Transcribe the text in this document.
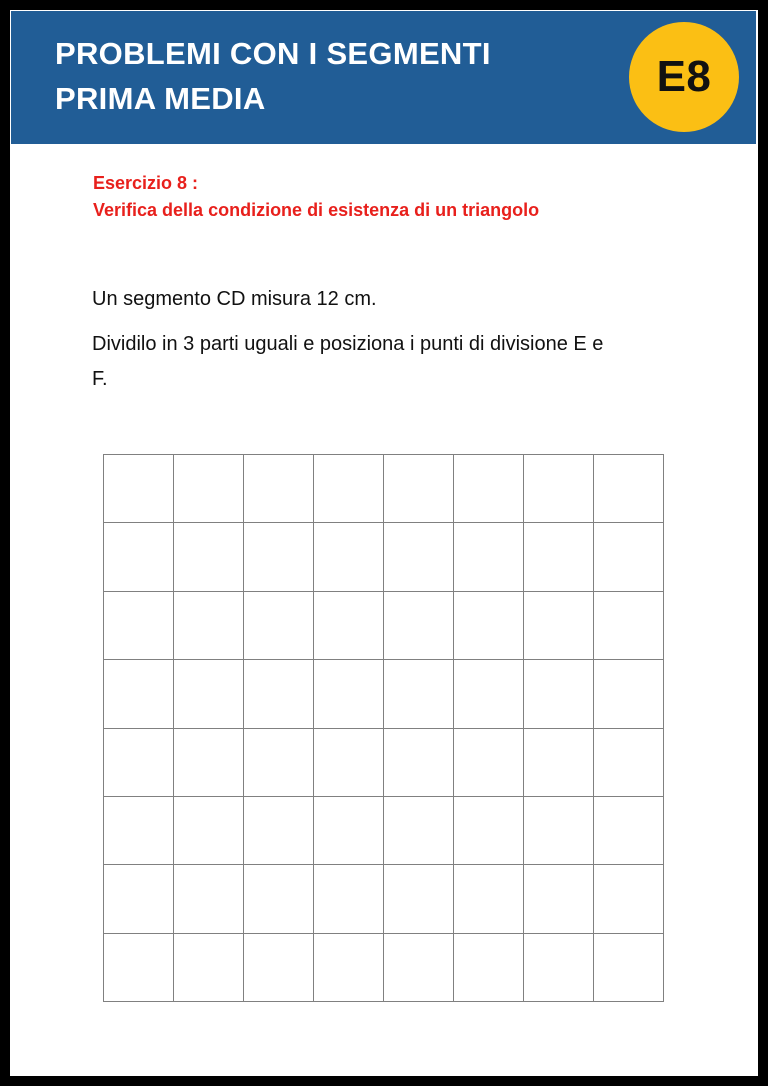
PROBLEMI CON I SEGMENTI
PRIMA MEDIA	E8
Esercizio 8 :
Verifica della condizione di esistenza di un triangolo

Un segmento CD misura 12 cm.

Dividilo in 3 parti uguali e posiziona i punti di divisione E e F.
